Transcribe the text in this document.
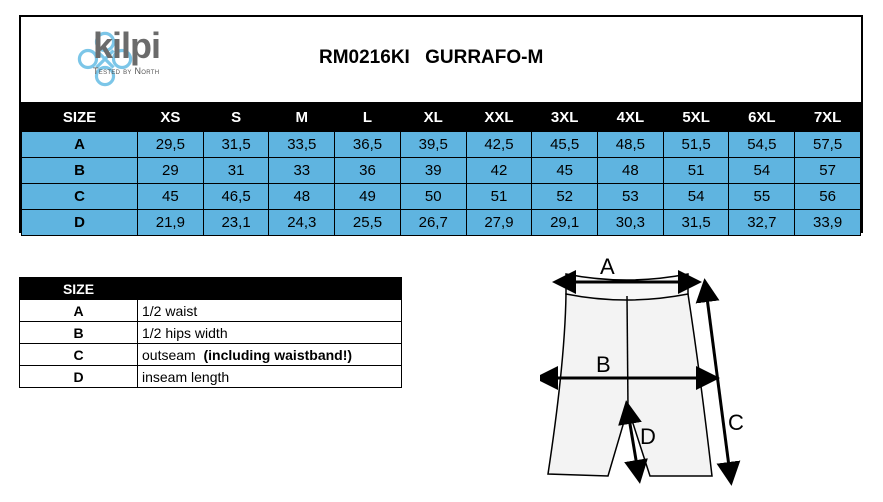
kilpi
Tested by North
RM0216KI GURRAFO-M
SIZE	XS	S	M	L	XL	XXL	3XL	4XL	5XL	6XL	7XL
A	29,5	31,5	33,5	36,5	39,5	42,5	45,5	48,5	51,5	54,5	57,5
B	29	31	33	36	39	42	45	48	51	54	57
C	45	46,5	48	49	50	51	52	53	54	55	56
D	21,9	23,1	24,3	25,5	26,7	27,9	29,1	30,3	31,5	32,7	33,9
SIZE	
A	1/2 waist
B	1/2 hips width
C	outseam (including waistband!)
D	inseam length
A
B
C
D
